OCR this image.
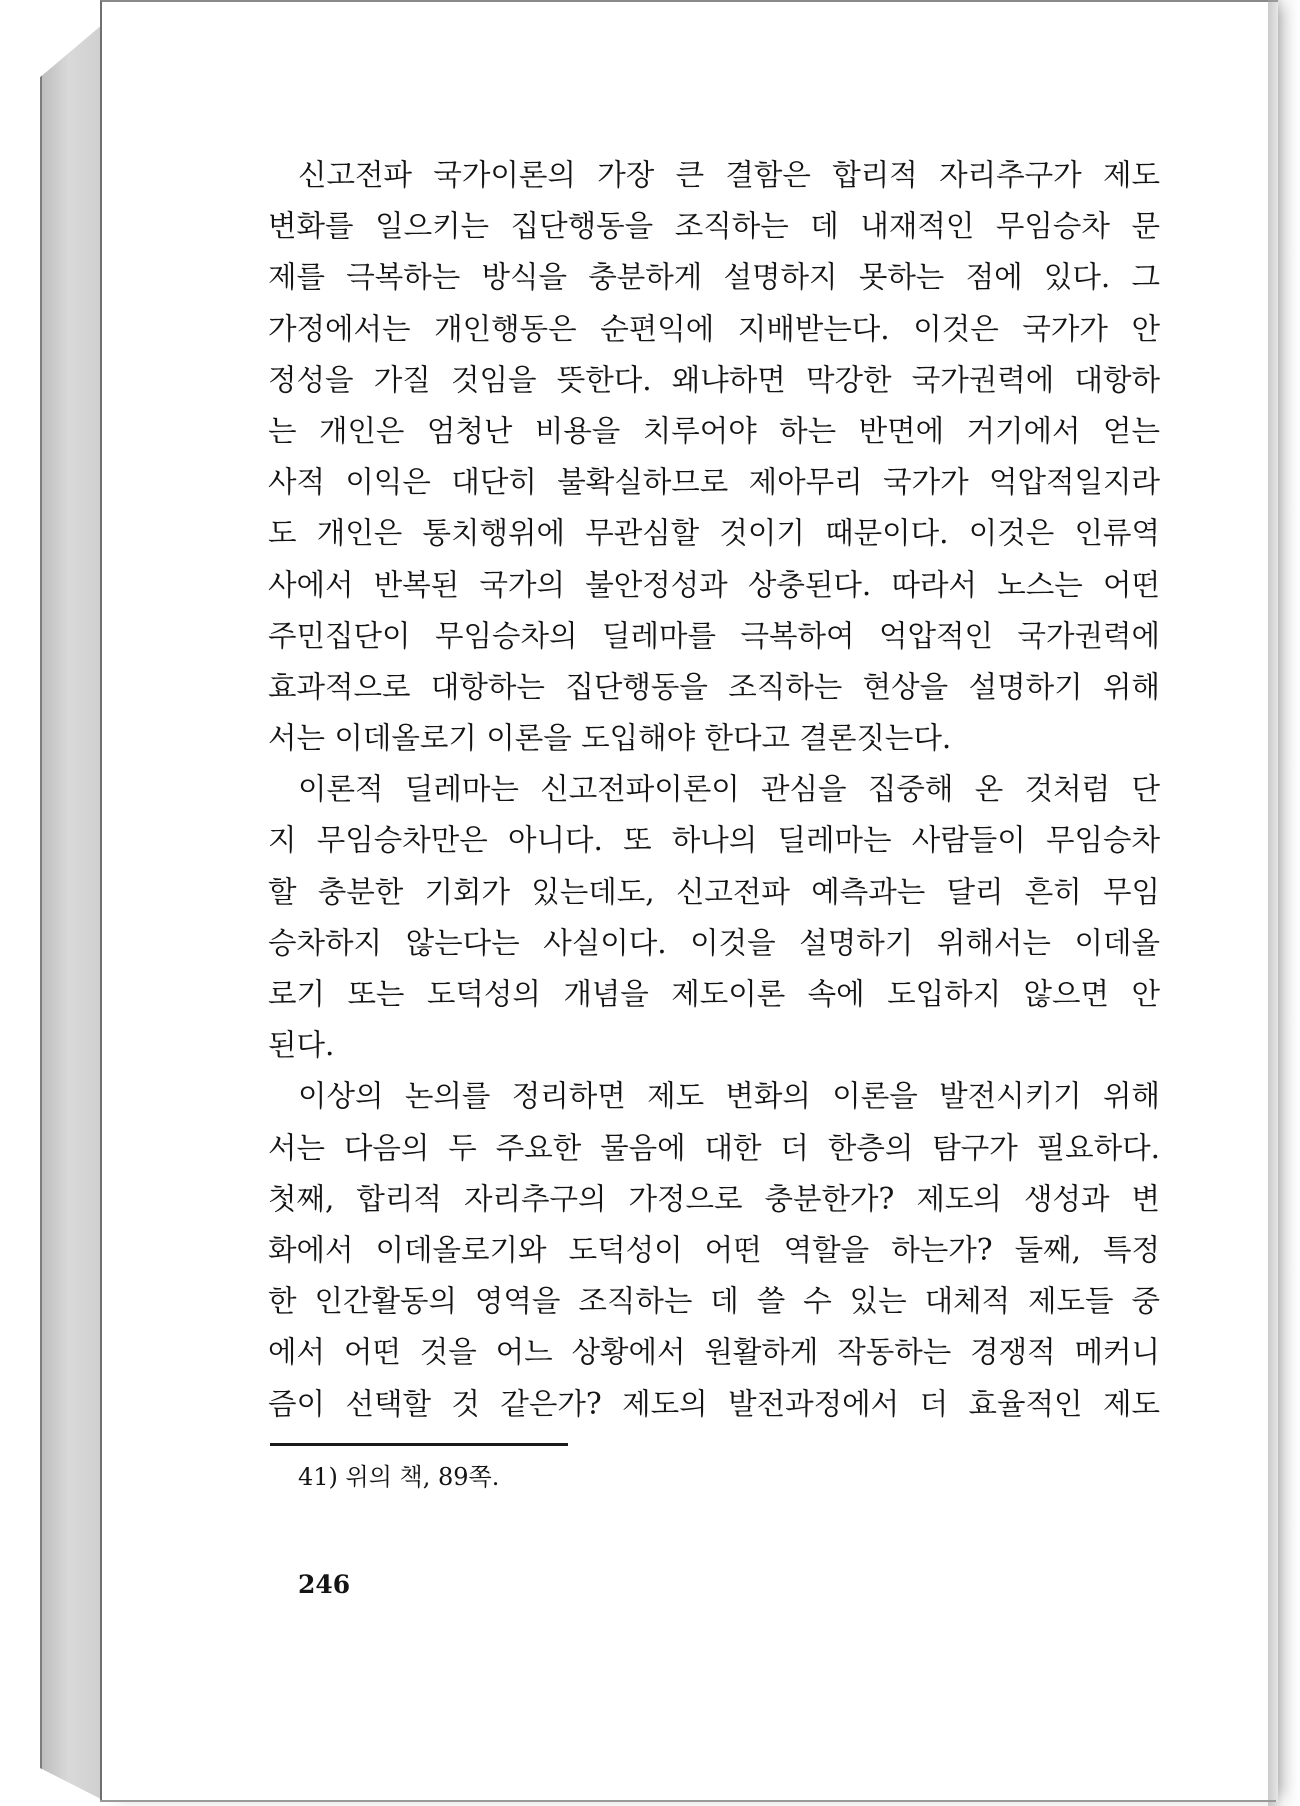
신고전파 국가이론의 가장 큰 결함은 합리적 자리추구가 제도
변화를 일으키는 집단행동을 조직하는 데 내재적인 무임승차 문
제를 극복하는 방식을 충분하게 설명하지 못하는 점에 있다. 그
가정에서는 개인행동은 순편익에 지배받는다. 이것은 국가가 안
정성을 가질 것임을 뜻한다. 왜냐하면 막강한 국가권력에 대항하
는 개인은 엄청난 비용을 치루어야 하는 반면에 거기에서 얻는
사적 이익은 대단히 불확실하므로 제아무리 국가가 억압적일지라
도 개인은 통치행위에 무관심할 것이기 때문이다. 이것은 인류역
사에서 반복된 국가의 불안정성과 상충된다. 따라서 노스는 어떤
주민집단이 무임승차의 딜레마를 극복하여 억압적인 국가권력에
효과적으로 대항하는 집단행동을 조직하는 현상을 설명하기 위해
서는 이데올로기 이론을 도입해야 한다고 결론짓는다.
이론적 딜레마는 신고전파이론이 관심을 집중해 온 것처럼 단
지 무임승차만은 아니다. 또 하나의 딜레마는 사람들이 무임승차
할 충분한 기회가 있는데도, 신고전파 예측과는 달리 흔히 무임
승차하지 않는다는 사실이다. 이것을 설명하기 위해서는 이데올
로기 또는 도덕성의 개념을 제도이론 속에 도입하지 않으면 안
된다.
이상의 논의를 정리하면 제도 변화의 이론을 발전시키기 위해
서는 다음의 두 주요한 물음에 대한 더 한층의 탐구가 필요하다.
첫째, 합리적 자리추구의 가정으로 충분한가? 제도의 생성과 변
화에서 이데올로기와 도덕성이 어떤 역할을 하는가? 둘째, 특정
한 인간활동의 영역을 조직하는 데 쓸 수 있는 대체적 제도들 중
에서 어떤 것을 어느 상황에서 원활하게 작동하는 경쟁적 메커니
즘이 선택할 것 같은가? 제도의 발전과정에서 더 효율적인 제도
41) 위의 책, 89쪽.
246
